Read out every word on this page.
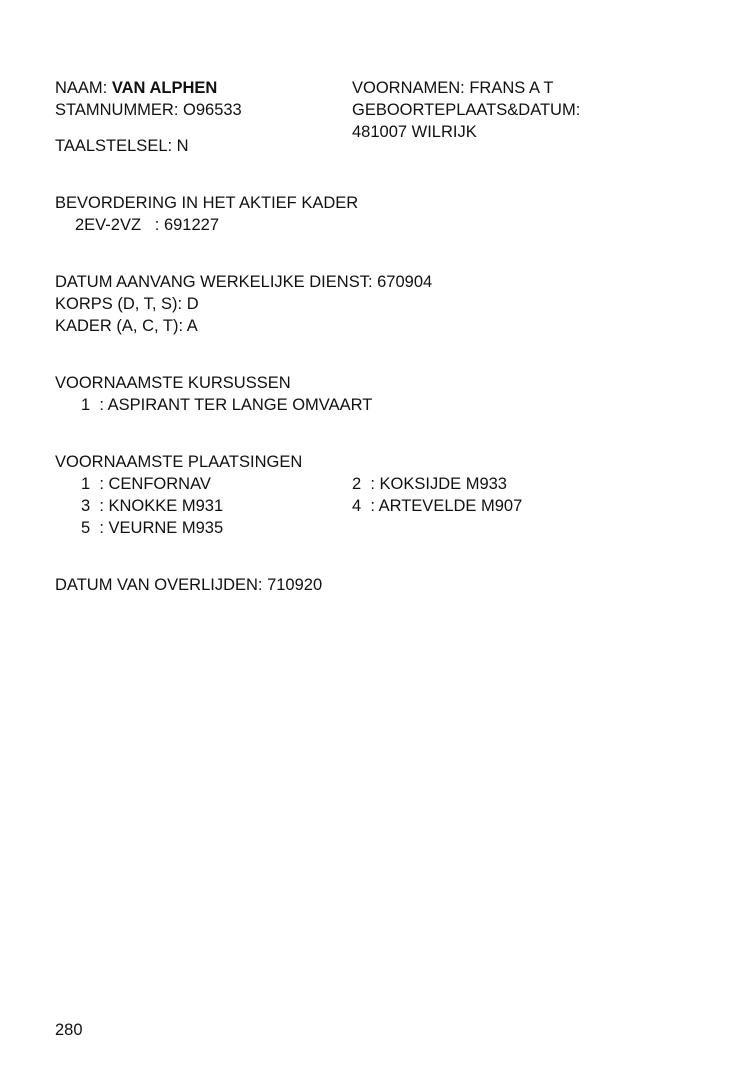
NAAM: VAN ALPHEN
STAMNUMMER: O96533
VOORNAMEN: FRANS A T
GEBOORTEPLAATS&DATUM:
481007 WILRIJK
TAALSTELSEL: N
BEVORDERING IN HET AKTIEF KADER
2EV-2VZ   : 691227
DATUM AANVANG WERKELIJKE DIENST: 670904
KORPS (D, T, S): D
KADER (A, C, T): A
VOORNAAMSTE KURSUSSEN
1  : ASPIRANT TER LANGE OMVAART
VOORNAAMSTE PLAATSINGEN
1  : CENFORNAV
3  : KNOKKE M931
5  : VEURNE M935
2  : KOKSIJDE M933
4  : ARTEVELDE M907
DATUM VAN OVERLIJDEN: 710920
280
